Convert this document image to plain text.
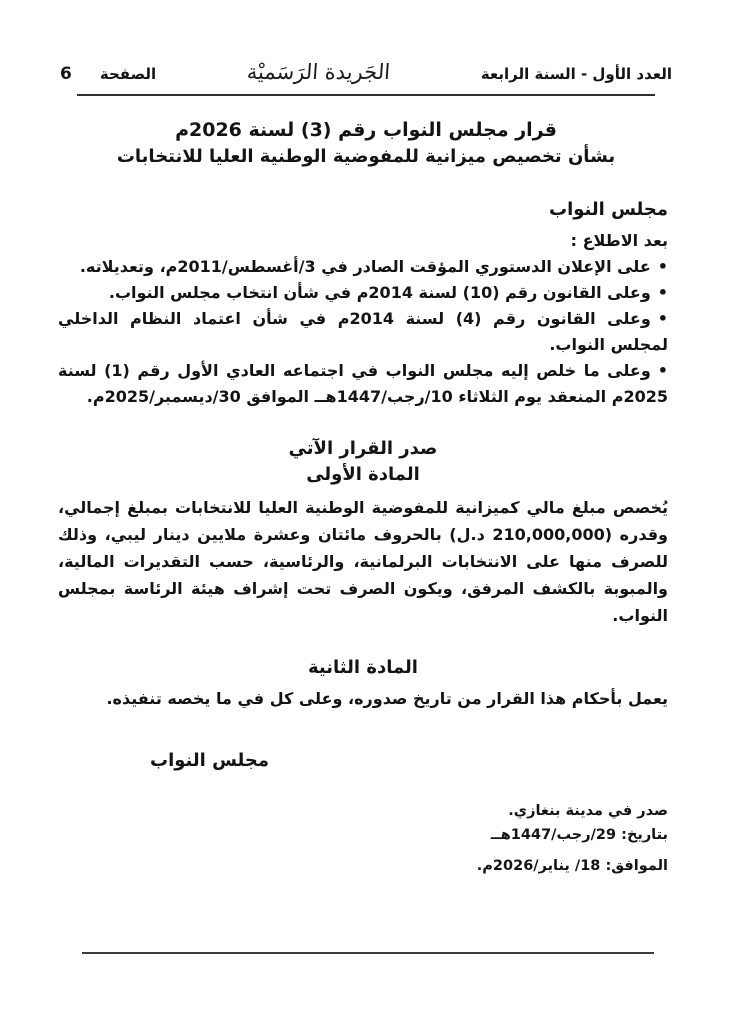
العدد الأول - السنة الرابعة
الجَريدة الرَسَميْة
الصفحة
6
قرار مجلس النواب رقم (3) لسنة 2026م
بشأن تخصيص ميزانية للمفوضية الوطنية العليا للانتخابات
مجلس النواب
بعد الاطلاع :
•على الإعلان الدستوري المؤقت الصادر في 3/أغسطس/2011م، وتعديلاته.
•وعلى القانون رقم (10) لسنة 2014م في شأن انتخاب مجلس النواب.
•وعلى القانون رقم (4) لسنة 2014م في شأن اعتماد النظام الداخلي لمجلس النواب.
•وعلى ما خلص إليه مجلس النواب في اجتماعه العادي الأول رقم (1) لسنة 2025م المنعقد يوم الثلاثاء 10/رجب/1447هــ الموافق 30/ديسمبر/2025م.
صدر القرار الآتي
المادة الأولى

يُخصص مبلغ مالي كميزانية للمفوضية الوطنية العليا للانتخابات بمبلغ إجمالي، وقدره (210,000,000 د.ل) بالحروف مائتان وعشرة ملايين دينار ليبي، وذلك للصرف منها على الانتخابات البرلمانية، والرئاسية، حسب التقديرات المالية، والمبوبة بالكشف المرفق، ويكون الصرف تحت إشراف هيئة الرئاسة بمجلس النواب.

المادة الثانية

يعمل بأحكام هذا القرار من تاريخ صدوره، وعلى كل في ما يخصه تنفيذه.

مجلس النواب
صدر في مدينة بنغازي.
بتاريخ: 29/رجب/1447هــ
الموافق: 18/ يناير/2026م.
